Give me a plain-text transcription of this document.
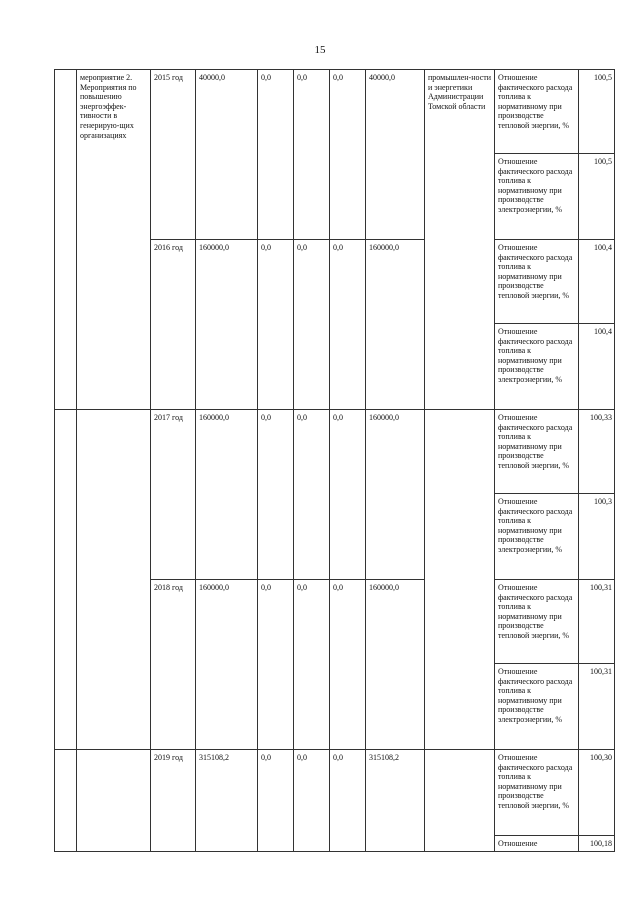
15
	мероприятие 2. Мероприятия по повышению энергоэффек-тивности в генерирую-щих организациях	2015 год	40000,0	0,0	0,0	0,0	40000,0	промышлен-ности и энергетики Администрации Томской области	Отношение фактического расхода топлива к нормативному при производстве тепловой энергии, %	100,5
									Отношение фактического расхода топлива к нормативному при производстве электроэнергии, %	100,5
		2016 год	160000,0	0,0	0,0	0,0	160000,0		Отношение фактического расхода топлива к нормативному при производстве тепловой энергии, %	100,4
									Отношение фактического расхода топлива к нормативному при производстве электроэнергии, %	100,4
		2017 год	160000,0	0,0	0,0	0,0	160000,0		Отношение фактического расхода топлива к нормативному при производстве тепловой энергии, %	100,33
									Отношение фактического расхода топлива к нормативному при производстве электроэнергии, %	100,3
		2018 год	160000,0	0,0	0,0	0,0	160000,0		Отношение фактического расхода топлива к нормативному при производстве тепловой энергии, %	100,31
									Отношение фактического расхода топлива к нормативному при производстве электроэнергии, %	100,31
		2019 год	315108,2	0,0	0,0	0,0	315108,2		Отношение фактического расхода топлива к нормативному при производстве тепловой энергии, %	100,30
									Отношение	100,18
